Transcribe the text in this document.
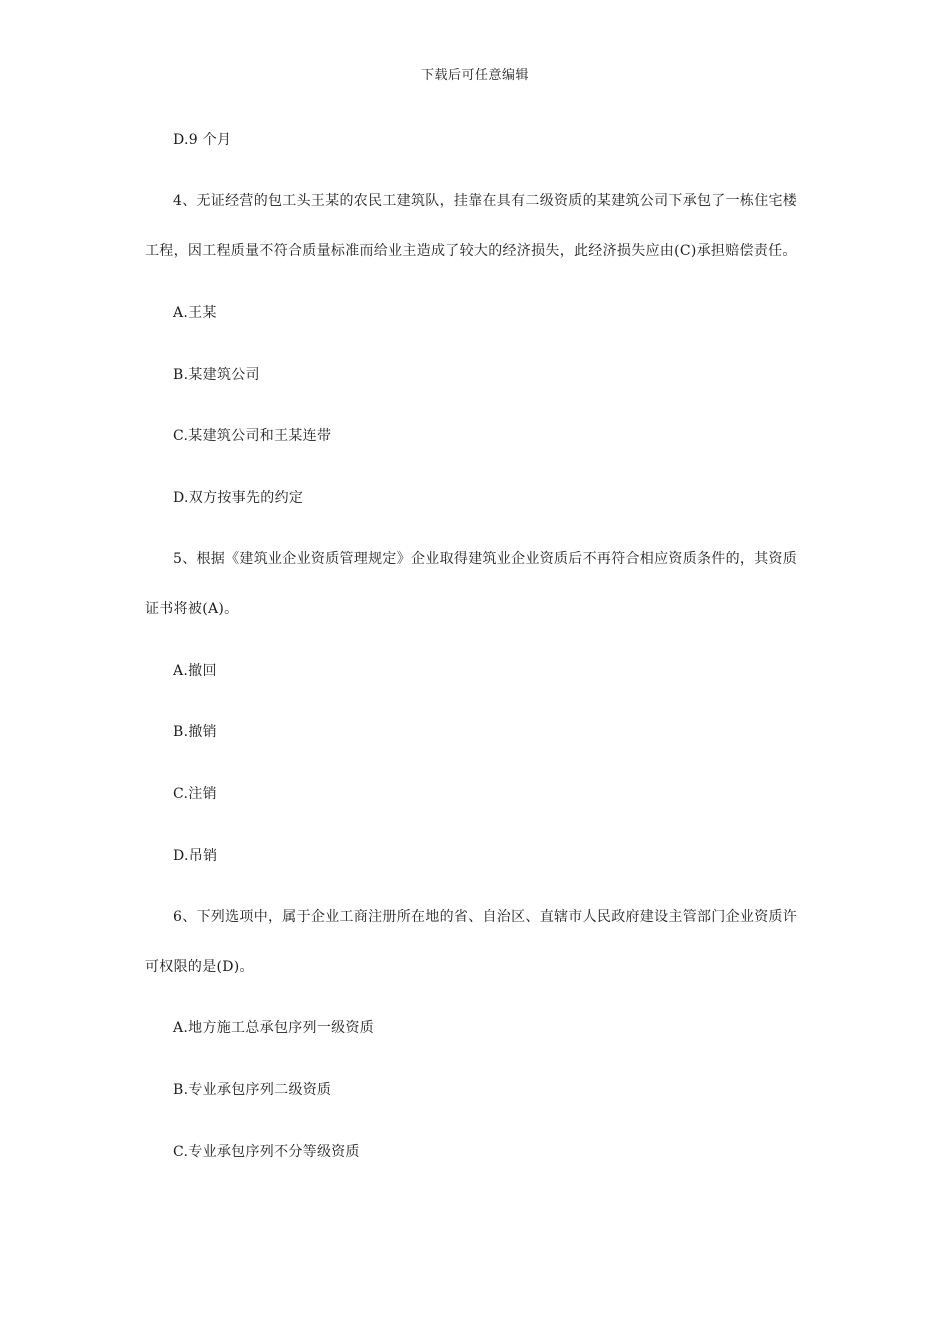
下载后可任意编辑
D.9 个月
4、无证经营的包工头王某的农民工建筑队，挂靠在具有二级资质的某建筑公司下承包了一栋住宅楼
工程，因工程质量不符合质量标准而给业主造成了较大的经济损失，此经济损失应由(C)承担赔偿责任。
A.王某
B.某建筑公司
C.某建筑公司和王某连带
D.双方按事先的约定
5、根据《建筑业企业资质管理规定》企业取得建筑业企业资质后不再符合相应资质条件的，其资质
证书将被(A)。
A.撤回
B.撤销
C.注销
D.吊销
6、下列选项中，属于企业工商注册所在地的省、自治区、直辖市人民政府建设主管部门企业资质许
可权限的是(D)。
A.地方施工总承包序列一级资质
B.专业承包序列二级资质
C.专业承包序列不分等级资质
